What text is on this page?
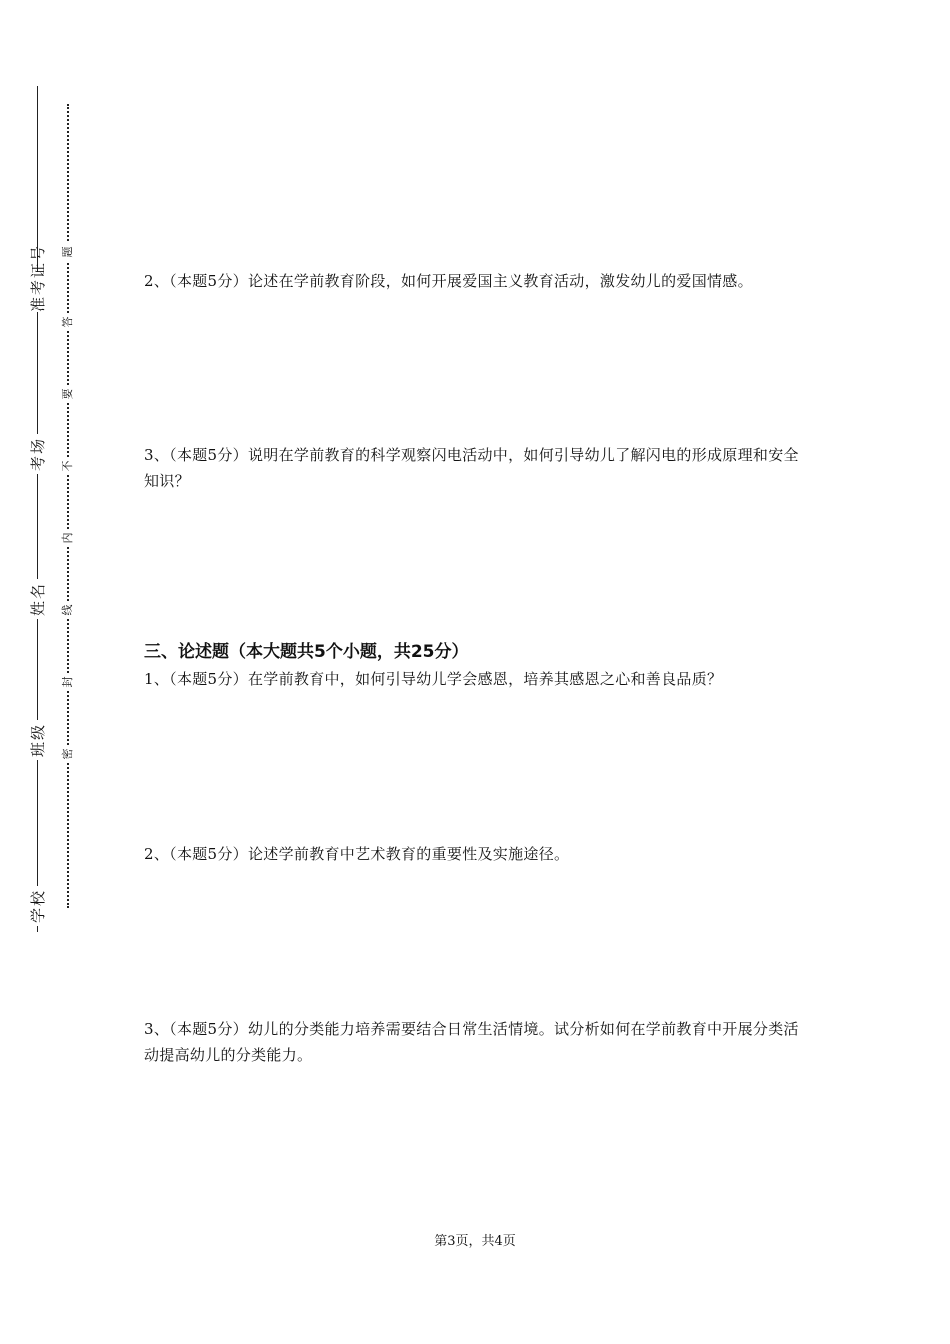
准考证号
考场
姓名
班级
学校
题
答
要
不
内
线
封
密

2、（本题5分）论述在学前教育阶段，如何开展爱国主义教育活动，激发幼儿的爱国情感。

3、（本题5分）说明在学前教育的科学观察闪电活动中，如何引导幼儿了解闪电的形成原理和安全知识？

三、论述题（本大题共5个小题，共25分）

1、（本题5分）在学前教育中，如何引导幼儿学会感恩，培养其感恩之心和善良品质？

2、（本题5分）论述学前教育中艺术教育的重要性及实施途径。

3、（本题5分）幼儿的分类能力培养需要结合日常生活情境。试分析如何在学前教育中开展分类活动提高幼儿的分类能力。

第3页，共4页
